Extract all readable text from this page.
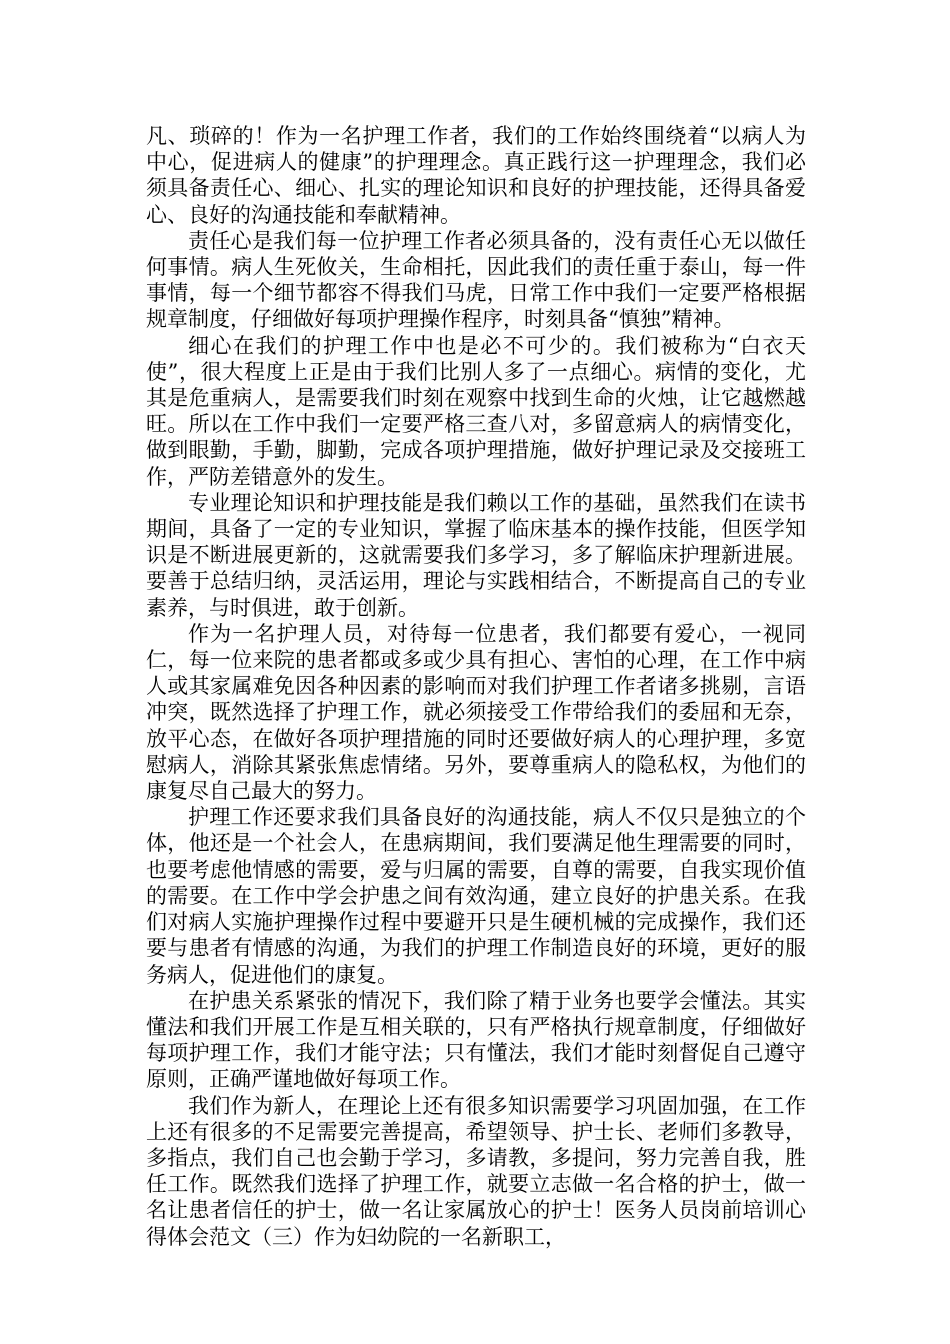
凡、琐碎的！作为一名护理工作者，我们的工作始终围绕着“以病人为中心，促进病人的健康”的护理理念。真正践行这一护理理念，我们必须具备责任心、细心、扎实的理论知识和良好的护理技能，还得具备爱心、良好的沟通技能和奉献精神。

责任心是我们每一位护理工作者必须具备的，没有责任心无以做任何事情。病人生死攸关，生命相托，因此我们的责任重于泰山，每一件事情，每一个细节都容不得我们马虎，日常工作中我们一定要严格根据规章制度，仔细做好每项护理操作程序，时刻具备“慎独”精神。

细心在我们的护理工作中也是必不可少的。我们被称为“白衣天使”，很大程度上正是由于我们比别人多了一点细心。病情的变化，尤其是危重病人，是需要我们时刻在观察中找到生命的火烛，让它越燃越旺。所以在工作中我们一定要严格三查八对，多留意病人的病情变化，做到眼勤，手勤，脚勤，完成各项护理措施，做好护理记录及交接班工作，严防差错意外的发生。

专业理论知识和护理技能是我们赖以工作的基础，虽然我们在读书期间，具备了一定的专业知识，掌握了临床基本的操作技能，但医学知识是不断进展更新的，这就需要我们多学习，多了解临床护理新进展。要善于总结归纳，灵活运用，理论与实践相结合，不断提高自己的专业素养，与时俱进，敢于创新。

作为一名护理人员，对待每一位患者，我们都要有爱心，一视同仁，每一位来院的患者都或多或少具有担心、害怕的心理，在工作中病人或其家属难免因各种因素的影响而对我们护理工作者诸多挑剔，言语冲突，既然选择了护理工作，就必须接受工作带给我们的委屈和无奈，放平心态，在做好各项护理措施的同时还要做好病人的心理护理，多宽慰病人，消除其紧张焦虑情绪。另外，要尊重病人的隐私权，为他们的康复尽自己最大的努力。

护理工作还要求我们具备良好的沟通技能，病人不仅只是独立的个体，他还是一个社会人，在患病期间，我们要满足他生理需要的同时，也要考虑他情感的需要，爱与归属的需要，自尊的需要，自我实现价值的需要。在工作中学会护患之间有效沟通，建立良好的护患关系。在我们对病人实施护理操作过程中要避开只是生硬机械的完成操作，我们还要与患者有情感的沟通，为我们的护理工作制造良好的环境，更好的服务病人，促进他们的康复。

在护患关系紧张的情况下，我们除了精于业务也要学会懂法。其实懂法和我们开展工作是互相关联的，只有严格执行规章制度，仔细做好每项护理工作，我们才能守法；只有懂法，我们才能时刻督促自己遵守原则，正确严谨地做好每项工作。

我们作为新人，在理论上还有很多知识需要学习巩固加强，在工作上还有很多的不足需要完善提高，希望领导、护士长、老师们多教导，多指点，我们自己也会勤于学习，多请教，多提问，努力完善自我，胜任工作。既然我们选择了护理工作，就要立志做一名合格的护士，做一名让患者信任的护士，做一名让家属放心的护士！医务人员岗前培训心得体会范文（三）作为妇幼院的一名新职工，
